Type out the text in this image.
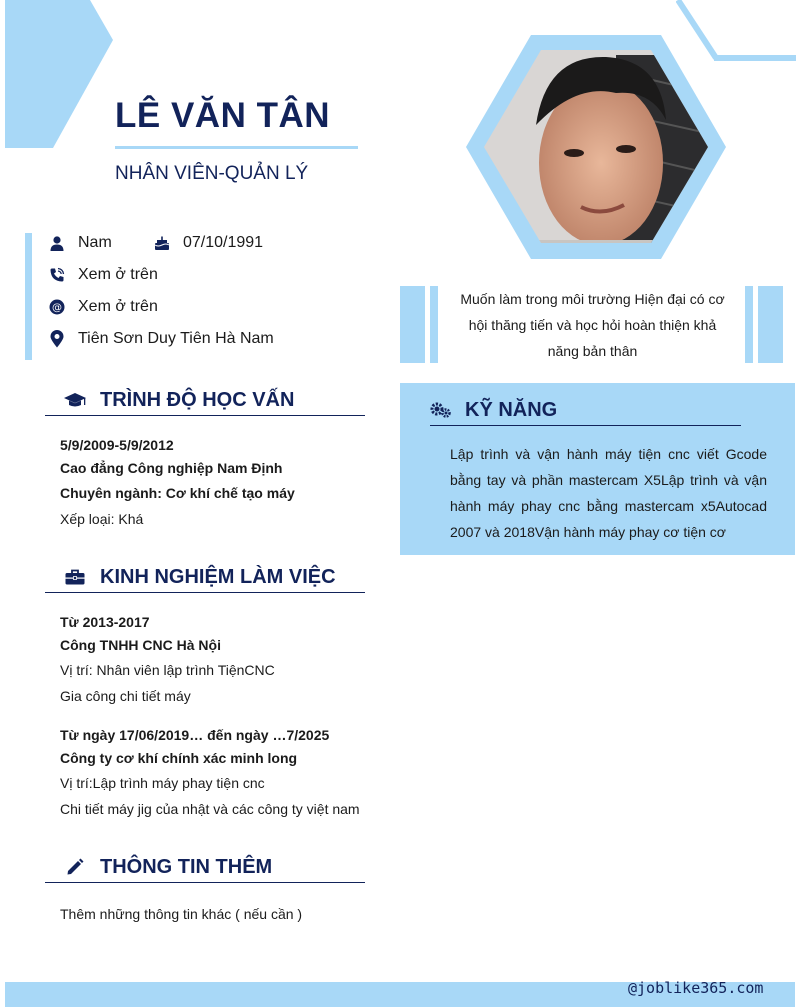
LÊ VĂN TÂN
NHÂN VIÊN-QUẢN LÝ
Nam	07/10/1991
Xem ở trên
@ Xem ở trên
Tiên Sơn Duy Tiên Hà Nam
Muốn làm trong môi trường Hiện đại có cơ hội thăng tiến và học hỏi hoàn thiện khả năng bản thân
KỸ NĂNG
Lập trình và vận hành máy tiện cnc viết Gcode bằng tay và phần mastercam X5Lập trình và vận hành máy phay cnc bằng mastercam x5Autocad 2007 và 2018Vận hành máy phay cơ tiện cơ
TRÌNH ĐỘ HỌC VẤN
5/9/2009-5/9/2012
Cao đẳng Công nghiệp Nam Định
Chuyên ngành: Cơ khí chế tạo máy
Xếp loại: Khá
KINH NGHIỆM LÀM VIỆC
Từ 2013-2017
Công TNHH CNC Hà Nội
Vị trí: Nhân viên lập trình TiệnCNC
Gia công chi tiết máy
Từ ngày 17/06/2019… đến ngày …7/2025
Công ty cơ khí chính xác minh long
Vị trí:Lập trình máy phay tiện cnc
Chi tiết máy jig của nhật và các công ty việt nam
THÔNG TIN THÊM
Thêm những thông tin khác ( nếu cần )
@joblike365.com
